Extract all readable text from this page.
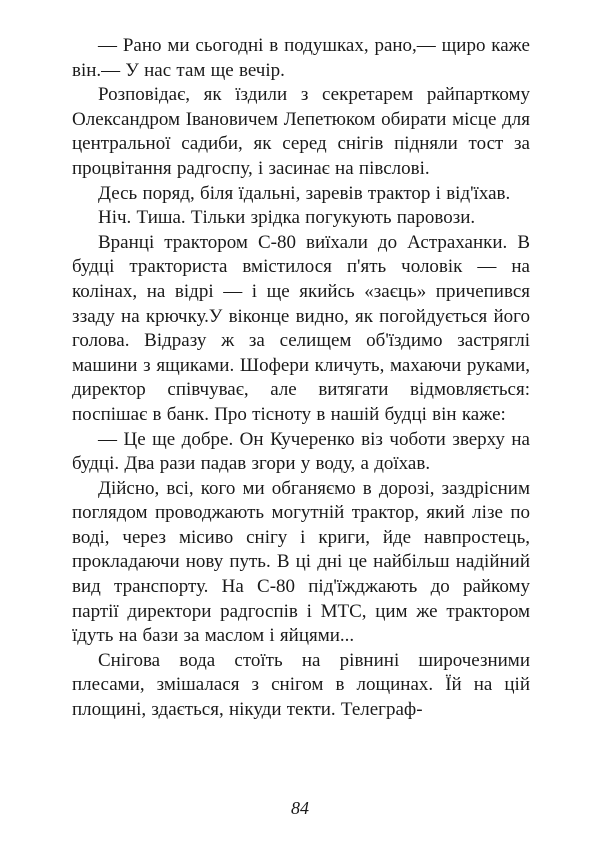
— Рано ми сьогодні в подушках, рано,— щиро каже він.— У нас там ще вечір.

Розповідає, як їздили з секретарем райпарткому Олександром Івановичем Лепетюком обирати місце для центральної садиби, як серед снігів підняли тост за процвітання радгоспу, і засинає на півслові.

Десь поряд, біля їдальні, заревів трактор і від'їхав.

Ніч. Тиша. Тільки зрідка погукують паровози.

Вранці трактором С-80 виїхали до Астраханки. В будці тракториста вмістилося п'ять чоловік — на колінах, на відрі — і ще якийсь «заєць» причепився ззаду на крючку.У віконце видно, як погойдується його голова. Відразу ж за селищем об'їздимо застряглі машини з ящиками. Шофери кличуть, махаючи руками, директор співчуває, але витягати відмовляється: поспішає в банк. Про тісноту в нашій будці він каже:

— Це ще добре. Он Кучеренко віз чоботи зверху на будці. Два рази падав згори у воду, а доїхав.

Дійсно, всі, кого ми обганяємо в дорозі, заздрісним поглядом проводжають могутній трактор, який лізе по воді, через місиво снігу і криги, йде навпростець, прокладаючи нову путь. В ці дні це найбільш надійний вид транспорту. На С-80 під'їжджають до райкому партії директори радгоспів і МТС, цим же трактором їдуть на бази за маслом і яйцями...

Снігова вода стоїть на рівнині широчезними плесами, змішалася з снігом в лощинах. Їй на цій площині, здається, нікуди текти. Телеграф-

84
